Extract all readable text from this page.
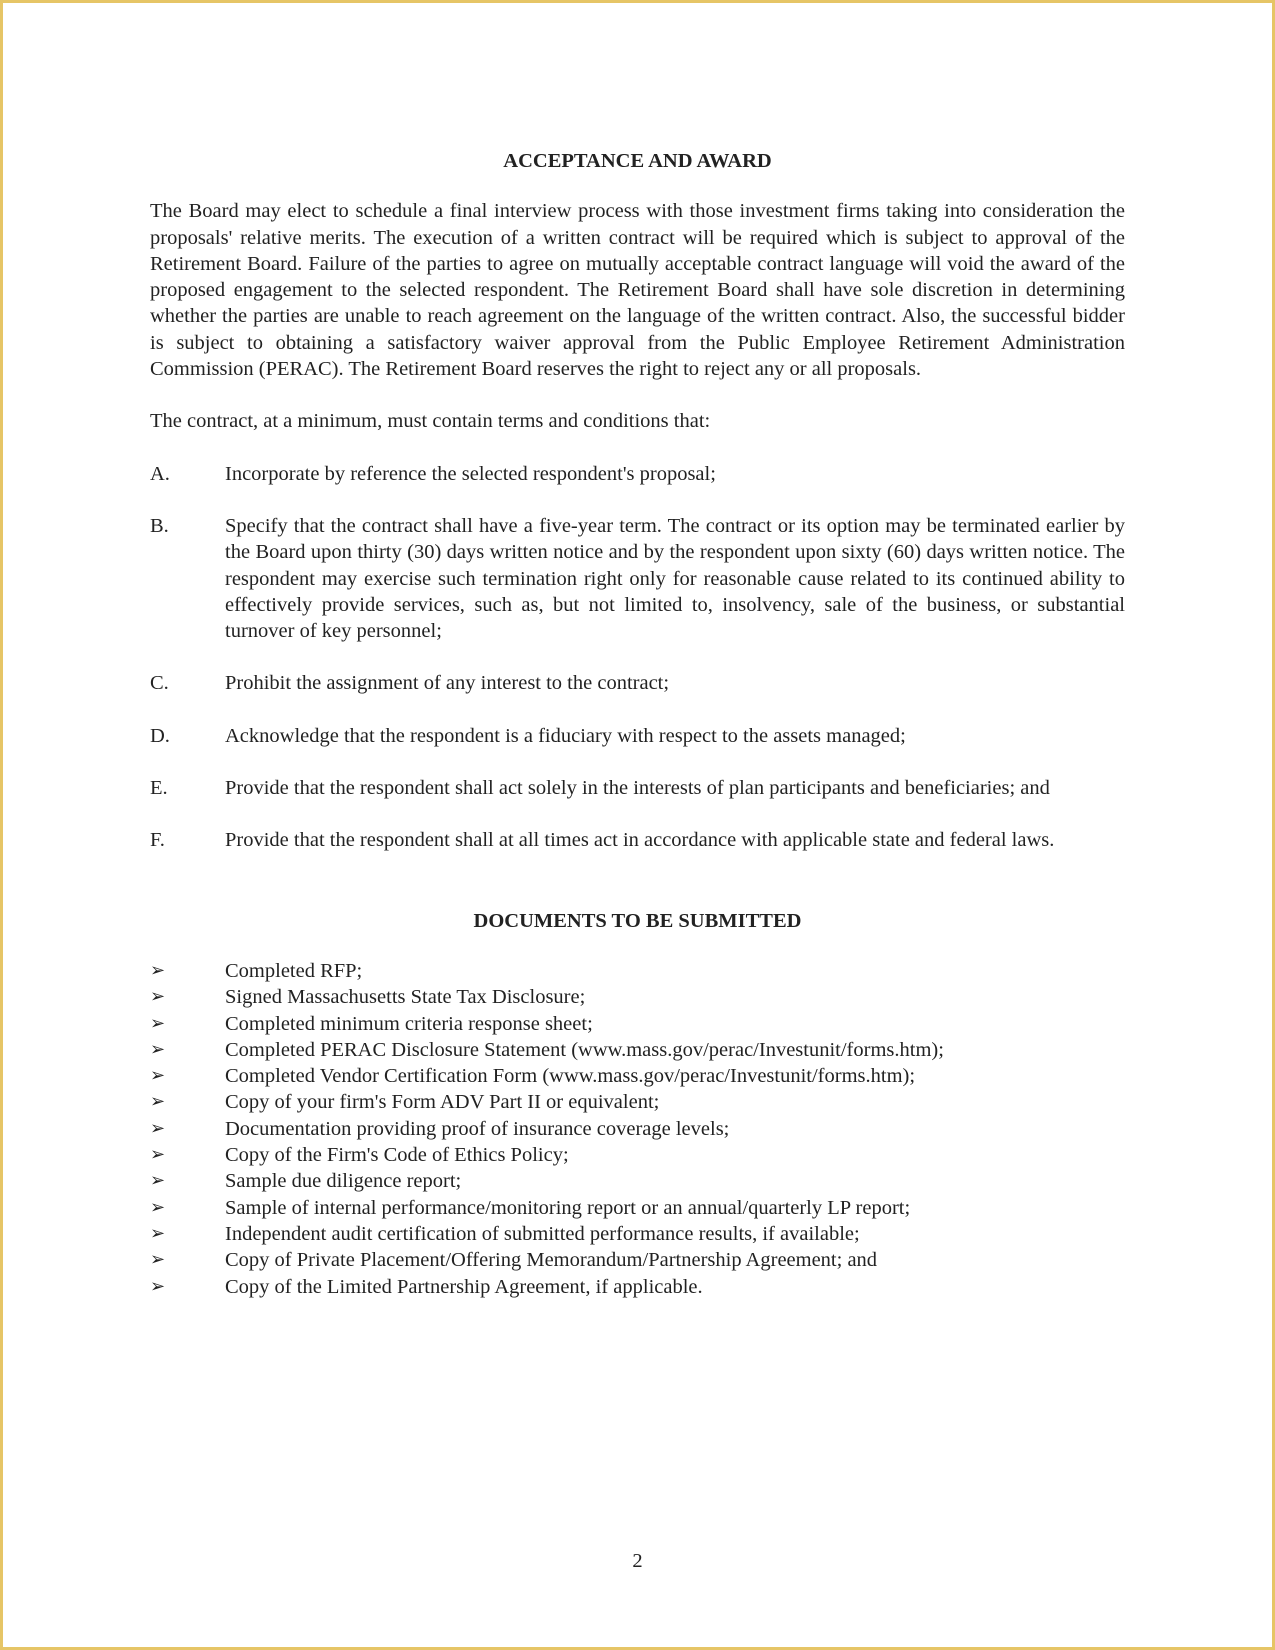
ACCEPTANCE AND AWARD

The Board may elect to schedule a final interview process with those investment firms taking into consideration the proposals' relative merits. The execution of a written contract will be required which is subject to approval of the Retirement Board. Failure of the parties to agree on mutually acceptable contract language will void the award of the proposed engagement to the selected respondent. The Retirement Board shall have sole discretion in determining whether the parties are unable to reach agreement on the language of the written contract. Also, the successful bidder is subject to obtaining a satisfactory waiver approval from the Public Employee Retirement Administration Commission (PERAC). The Retirement Board reserves the right to reject any or all proposals.

The contract, at a minimum, must contain terms and conditions that:

A.	Incorporate by reference the selected respondent's proposal;
B.	Specify that the contract shall have a five-year term. The contract or its option may be terminated earlier by the Board upon thirty (30) days written notice and by the respondent upon sixty (60) days written notice. The respondent may exercise such termination right only for reasonable cause related to its continued ability to effectively provide services, such as, but not limited to, insolvency, sale of the business, or substantial turnover of key personnel;
C.	Prohibit the assignment of any interest to the contract;
D.	Acknowledge that the respondent is a fiduciary with respect to the assets managed;
E.	Provide that the respondent shall act solely in the interests of plan participants and beneficiaries; and
F.	Provide that the respondent shall at all times act in accordance with applicable state and federal laws.
DOCUMENTS TO BE SUBMITTED
➢	Completed RFP;
➢	Signed Massachusetts State Tax Disclosure;
➢	Completed minimum criteria response sheet;
➢	Completed PERAC Disclosure Statement (www.mass.gov/perac/Investunit/forms.htm);
➢	Completed Vendor Certification Form (www.mass.gov/perac/Investunit/forms.htm);
➢	Copy of your firm's Form ADV Part II or equivalent;
➢	Documentation providing proof of insurance coverage levels;
➢	Copy of the Firm's Code of Ethics Policy;
➢	Sample due diligence report;
➢	Sample of internal performance/monitoring report or an annual/quarterly LP report;
➢	Independent audit certification of submitted performance results, if available;
➢	Copy of Private Placement/Offering Memorandum/Partnership Agreement; and
➢	Copy of the Limited Partnership Agreement, if applicable.
2
